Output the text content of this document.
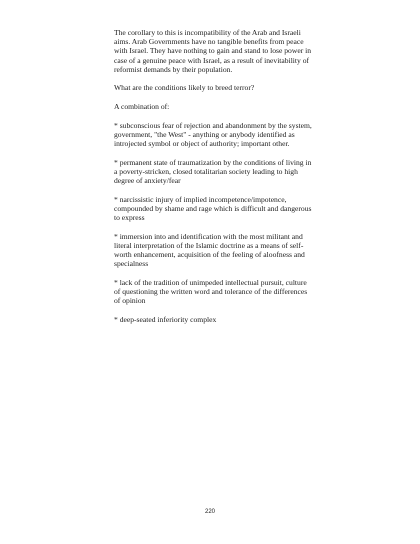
The corollary to this is incompatibility of the Arab and Israeli aims. Arab Governments have no tangible benefits from peace with Israel. They have nothing to gain and stand to lose power in case of a genuine peace with Israel, as a result of inevitability of reformist demands by their population.

What are the conditions likely to breed terror?

A combination of:

* subconscious fear of rejection and abandonment by the system, government, "the West" - anything or anybody identified as introjected symbol or object of authority; important other.

* permanent state of traumatization by the conditions of living in a poverty-stricken, closed totalitarian society leading to high degree of anxiety/fear

* narcissistic injury of implied incompetence/impotence, compounded by shame and rage which is difficult and dangerous to express

* immersion into and identification with the most militant and literal interpretation of the Islamic doctrine as a means of self-worth enhancement, acquisition of the feeling of aloofness and specialness

* lack of the tradition of unimpeded intellectual pursuit, culture of questioning the written word and tolerance of the differences of opinion

* deep-seated inferiority complex

220
